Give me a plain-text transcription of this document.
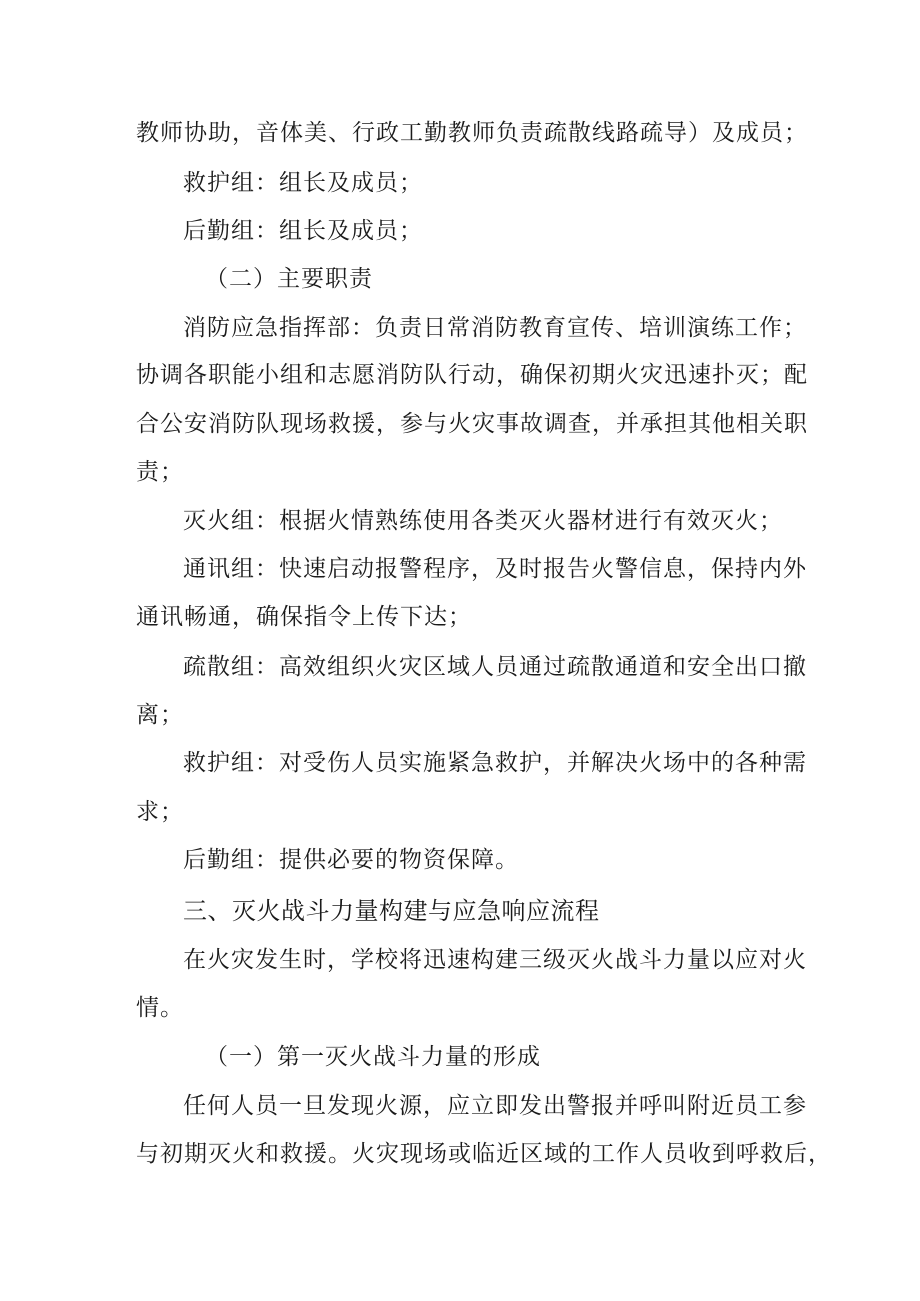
教师协助，音体美、行政工勤教师负责疏散线路疏导）及成员；
救护组：组长及成员；
后勤组：组长及成员；
（二）主要职责
消防应急指挥部：负责日常消防教育宣传、培训演练工作；
协调各职能小组和志愿消防队行动，确保初期火灾迅速扑灭；配
合公安消防队现场救援，参与火灾事故调查，并承担其他相关职
责；
灭火组：根据火情熟练使用各类灭火器材进行有效灭火；
通讯组：快速启动报警程序，及时报告火警信息，保持内外
通讯畅通，确保指令上传下达；
疏散组：高效组织火灾区域人员通过疏散通道和安全出口撤
离；
救护组：对受伤人员实施紧急救护，并解决火场中的各种需
求；
后勤组：提供必要的物资保障。
三、灭火战斗力量构建与应急响应流程
在火灾发生时，学校将迅速构建三级灭火战斗力量以应对火
情。
（一）第一灭火战斗力量的形成
任何人员一旦发现火源，应立即发出警报并呼叫附近员工参
与初期灭火和救援。火灾现场或临近区域的工作人员收到呼救后，
